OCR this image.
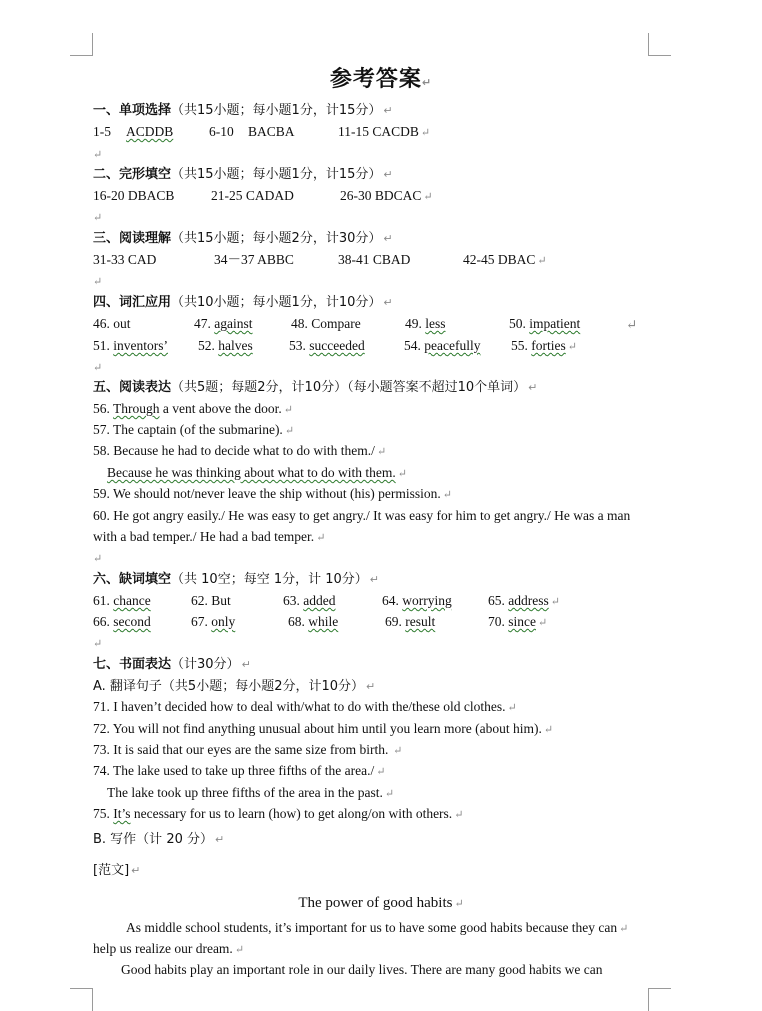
参考答案↵
一、单项选择（共15小题；每小题1分，计15分） ↵
1-5 ACDDB	6-10 BACBA	11-15 CACDB ↵
↵
二、完形填空（共15小题；每小题1分，计15分） ↵
16-20 DBACB	21-25 CADAD	26-30 BDCAC ↵
↵
三、阅读理解（共15小题；每小题2分，计30分） ↵
31-33 CAD	34－37 ABBC	38-41 CBAD	42-45 DBAC ↵
↵
四、词汇应用（共10小题；每小题1分，计10分） ↵
46. out	47. against	48. Compare	49. less	50. impatient	↵
51. inventors’ 52. halves	53. succeeded	54. peacefully 55. forties ↵
↵
五、阅读表达（共5题；每题2分，计10分）（每小题答案不超过10个单词） ↵
56. Through a vent above the door. ↵
57. The captain (of the submarine). ↵
58. Because he had to decide what to do with them./ ↵
Because he was thinking about what to do with them. ↵
59. We should not/never leave the ship without (his) permission. ↵
60. He got angry easily./ He was easy to get angry./ It was easy for him to get angry./ He was a man
with a bad temper./ He had a bad temper. ↵
↵
六、缺词填空（共 10空；每空 1分，计 10分） ↵
61. chance	62. But	63. added	64. worrying	65. address ↵
66. second	67. only	68. while	69. result	70. since ↵
↵
七、书面表达（计30分） ↵
A. 翻译句子（共5小题；每小题2分，计10分） ↵
71. I haven’t decided how to deal with/what to do with the/these old clothes. ↵
72. You will not find anything unusual about him until you learn more (about him). ↵
73. It is said that our eyes are the same size from birth. ↵
74. The lake used to take up three fifths of the area./ ↵
The lake took up three fifths of the area in the past. ↵
75. It’s necessary for us to learn (how) to get along/on with others. ↵
B. 写作（计 20 分） ↵
[范文] ↵
The power of good habits ↵
As middle school students, it’s important for us to have some good habits because they can ↵
help us realize our dream. ↵
Good habits play an important role in our daily lives. There are many good habits we can
